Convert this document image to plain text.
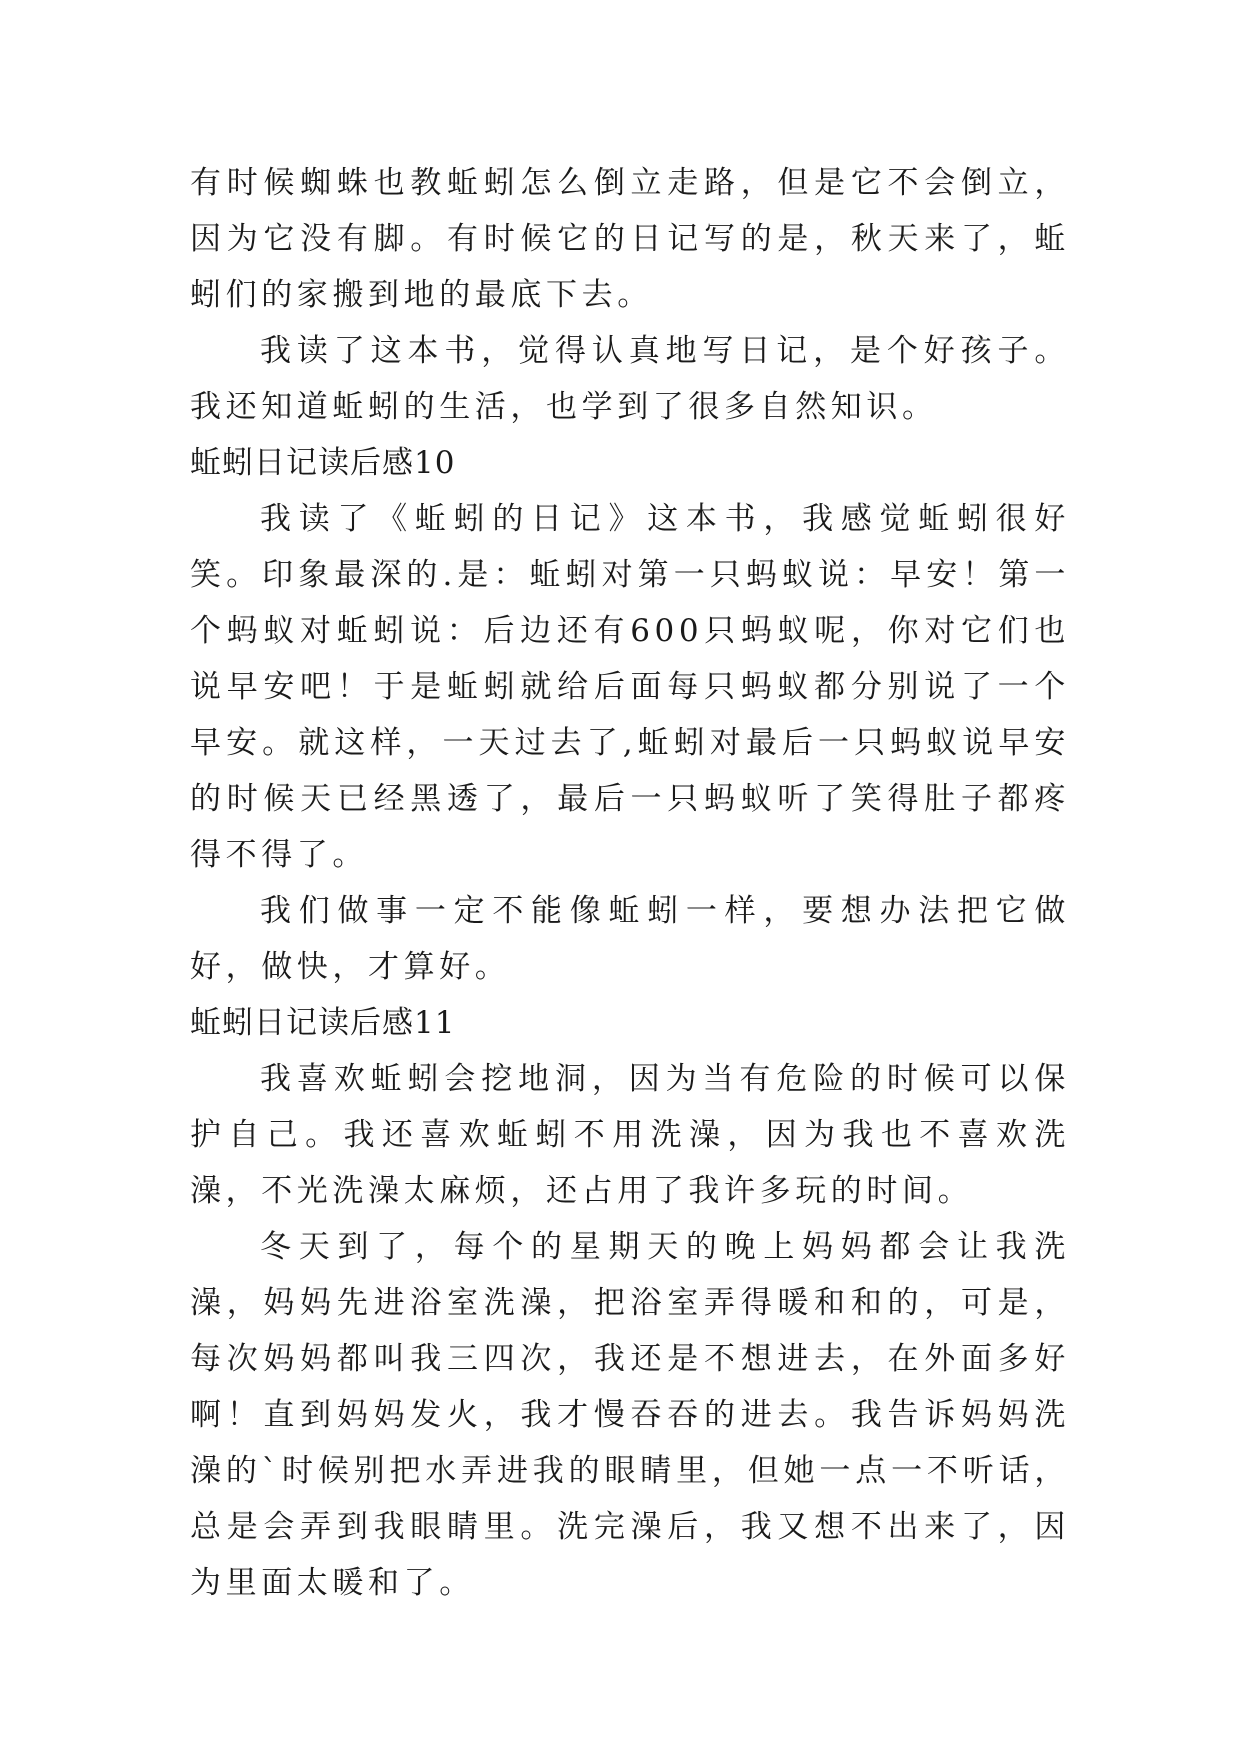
有时候蜘蛛也教蚯蚓怎么倒立走路，但是它不会倒立，因为它没有脚。有时候它的日记写的是，秋天来了，蚯蚓们的家搬到地的最底下去。

我读了这本书，觉得认真地写日记，是个好孩子。我还知道蚯蚓的生活，也学到了很多自然知识。

蚯蚓日记读后感10

我读了《蚯蚓的日记》这本书，我感觉蚯蚓很好笑。印象最深的.是：蚯蚓对第一只蚂蚁说：早安！第一个蚂蚁对蚯蚓说：后边还有600只蚂蚁呢，你对它们也说早安吧！于是蚯蚓就给后面每只蚂蚁都分别说了一个早安。就这样，一天过去了,蚯蚓对最后一只蚂蚁说早安的时候天已经黑透了，最后一只蚂蚁听了笑得肚子都疼得不得了。

我们做事一定不能像蚯蚓一样，要想办法把它做好，做快，才算好。

蚯蚓日记读后感11

我喜欢蚯蚓会挖地洞，因为当有危险的时候可以保护自己。我还喜欢蚯蚓不用洗澡，因为我也不喜欢洗澡，不光洗澡太麻烦，还占用了我许多玩的时间。

冬天到了，每个的星期天的晚上妈妈都会让我洗澡，妈妈先进浴室洗澡，把浴室弄得暖和和的，可是，每次妈妈都叫我三四次，我还是不想进去，在外面多好啊！直到妈妈发火，我才慢吞吞的进去。我告诉妈妈洗澡的`时候别把水弄进我的眼睛里，但她一点一不听话，总是会弄到我眼睛里。洗完澡后，我又想不出来了，因为里面太暖和了。
